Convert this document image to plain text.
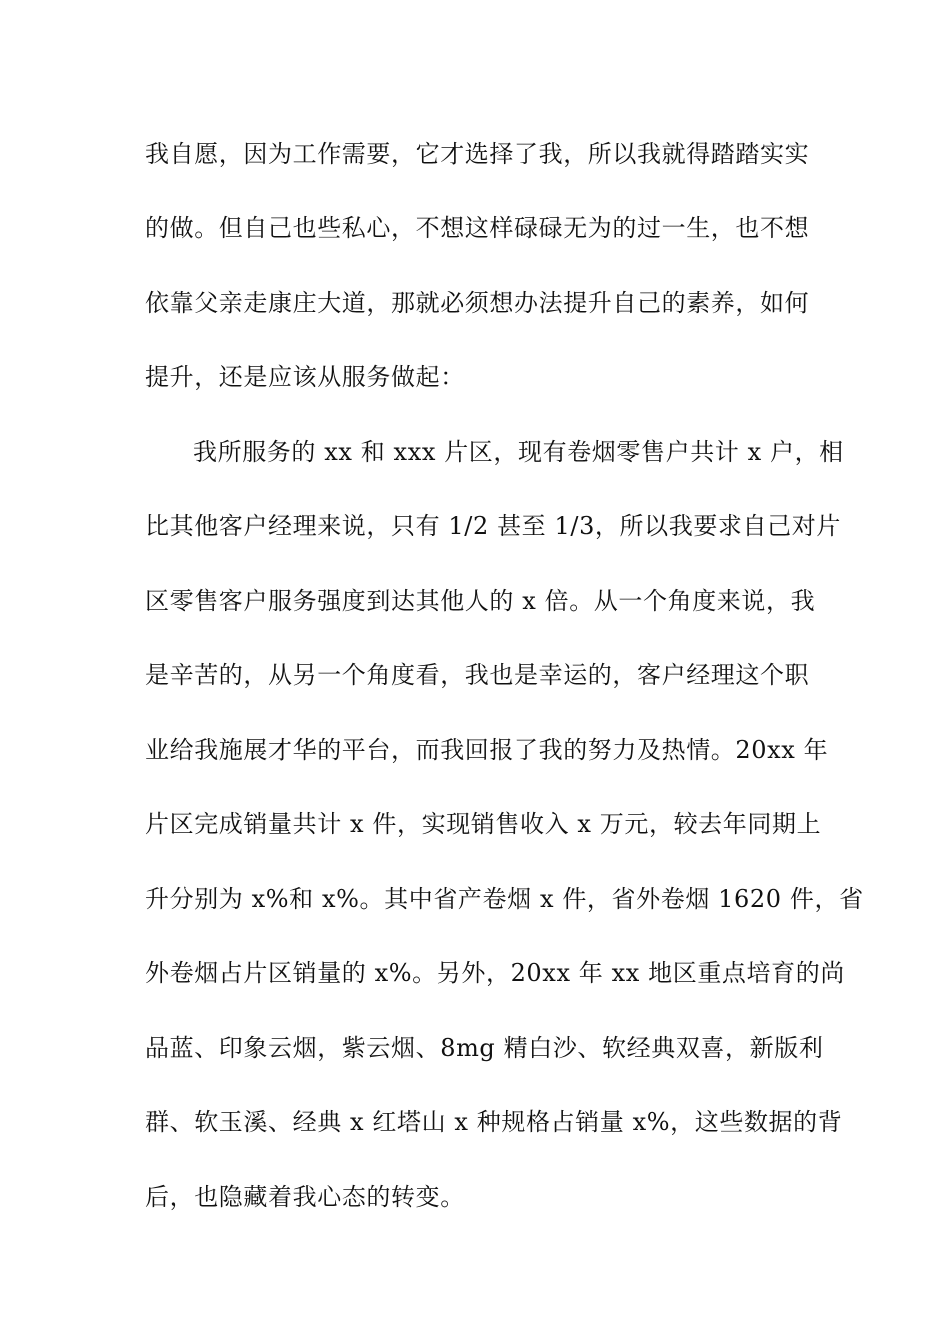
我自愿，因为工作需要，它才选择了我，所以我就得踏踏实实
的做。但自己也些私心，不想这样碌碌无为的过一生，也不想
依靠父亲走康庄大道，那就必须想办法提升自己的素养，如何
提升，还是应该从服务做起：
我所服务的 xx 和 xxx 片区，现有卷烟零售户共计 x 户，相
比其他客户经理来说，只有 1/2 甚至 1/3，所以我要求自己对片
区零售客户服务强度到达其他人的 x 倍。从一个角度来说，我
是辛苦的，从另一个角度看，我也是幸运的，客户经理这个职
业给我施展才华的平台，而我回报了我的努力及热情。20xx 年
片区完成销量共计 x 件，实现销售收入 x 万元，较去年同期上
升分别为 x%和 x%。其中省产卷烟 x 件，省外卷烟 1620 件，省
外卷烟占片区销量的 x%。另外，20xx 年 xx 地区重点培育的尚
品蓝、印象云烟，紫云烟、8mg 精白沙、软经典双喜，新版利
群、软玉溪、经典 x 红塔山 x 种规格占销量 x%，这些数据的背
后，也隐藏着我心态的转变。
